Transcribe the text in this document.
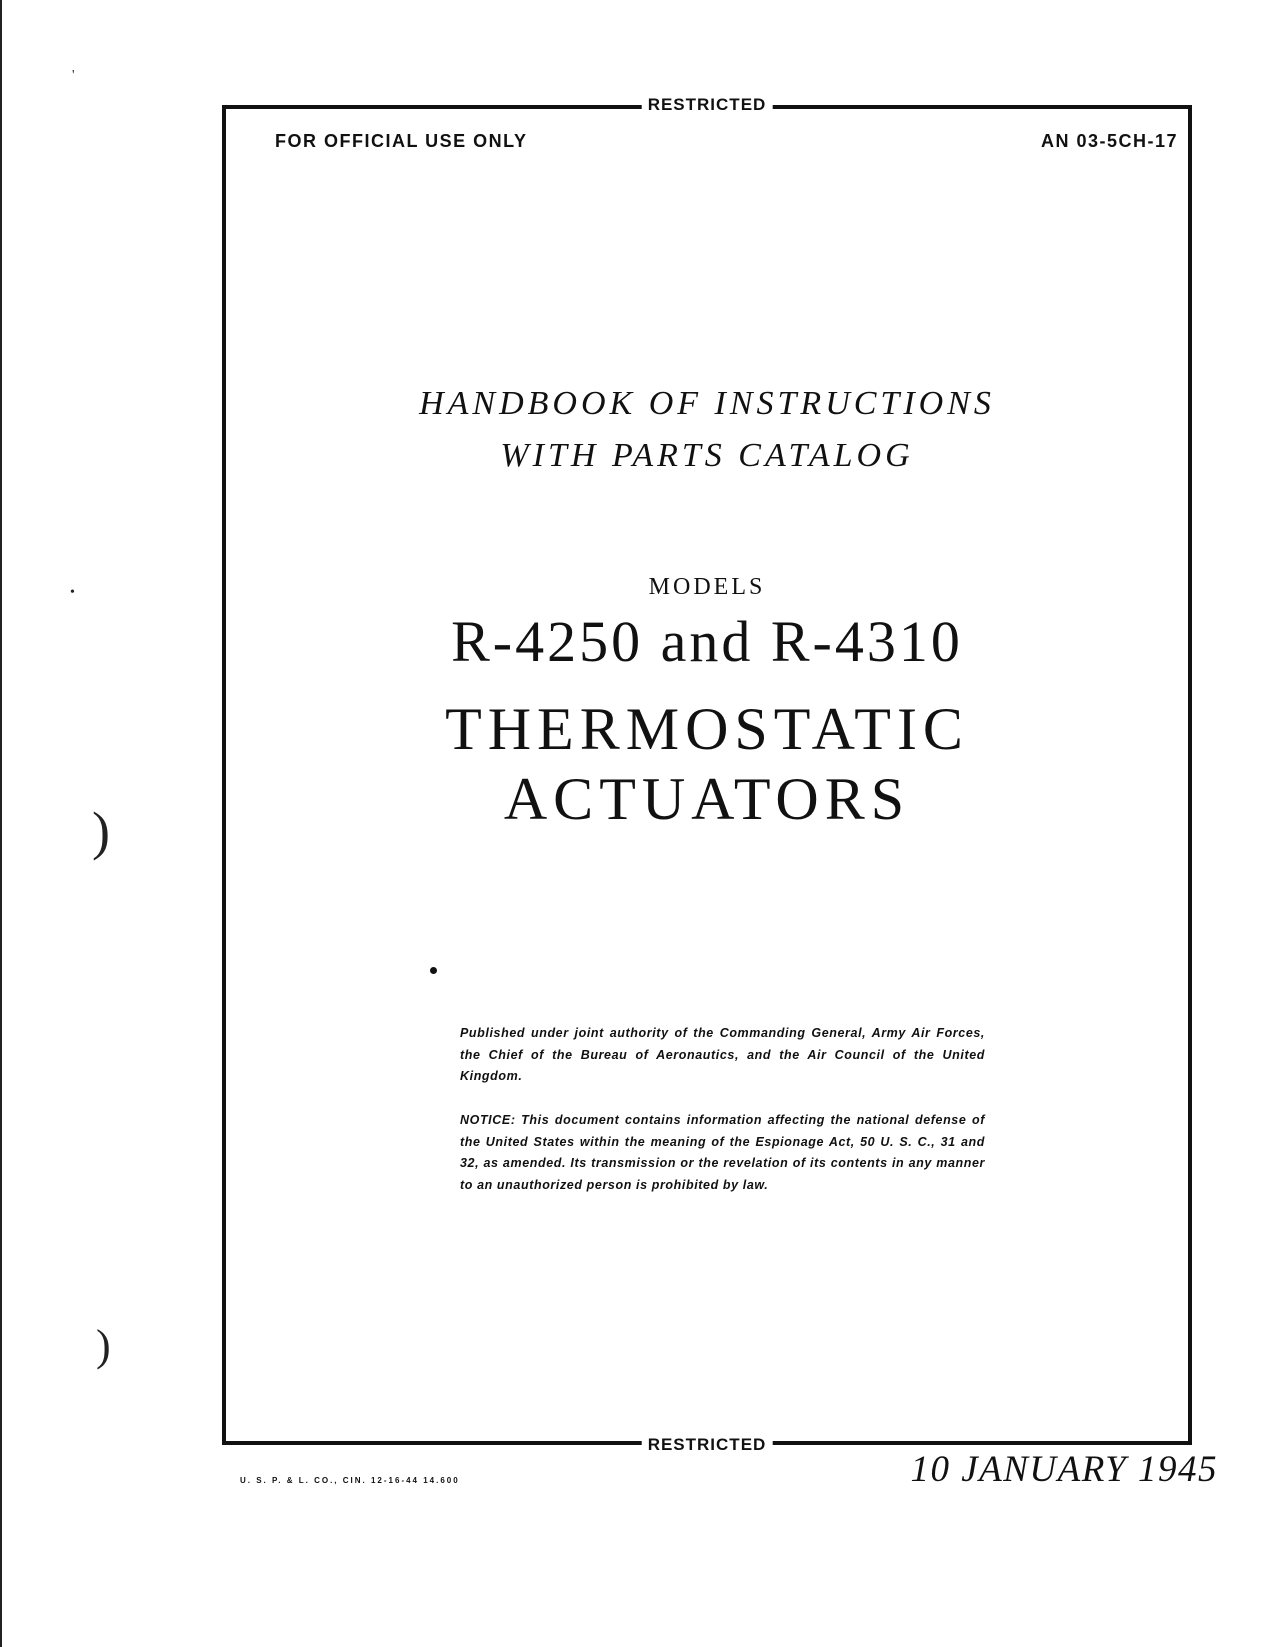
'
)
)
•
RESTRICTED
RESTRICTED
FOR OFFICIAL USE ONLY	AN 03-5CH-17
HANDBOOK OF INSTRUCTIONS
WITH PARTS CATALOG
MODELS
R-4250 and R-4310
THERMOSTATIC
ACTUATORS
Published under joint authority of the Commanding General, Army Air Forces, the Chief of the Bureau of Aeronautics, and the Air Council of the United Kingdom.
NOTICE: This document contains information affecting the national defense of the United States within the meaning of the Espionage Act, 50 U. S. C., 31 and 32, as amended. Its transmission or the revelation of its contents in any manner to an unauthorized person is prohibited by law.
U. S. P. & L. CO., CIN. 12-16-44 14.600	10 JANUARY 1945
